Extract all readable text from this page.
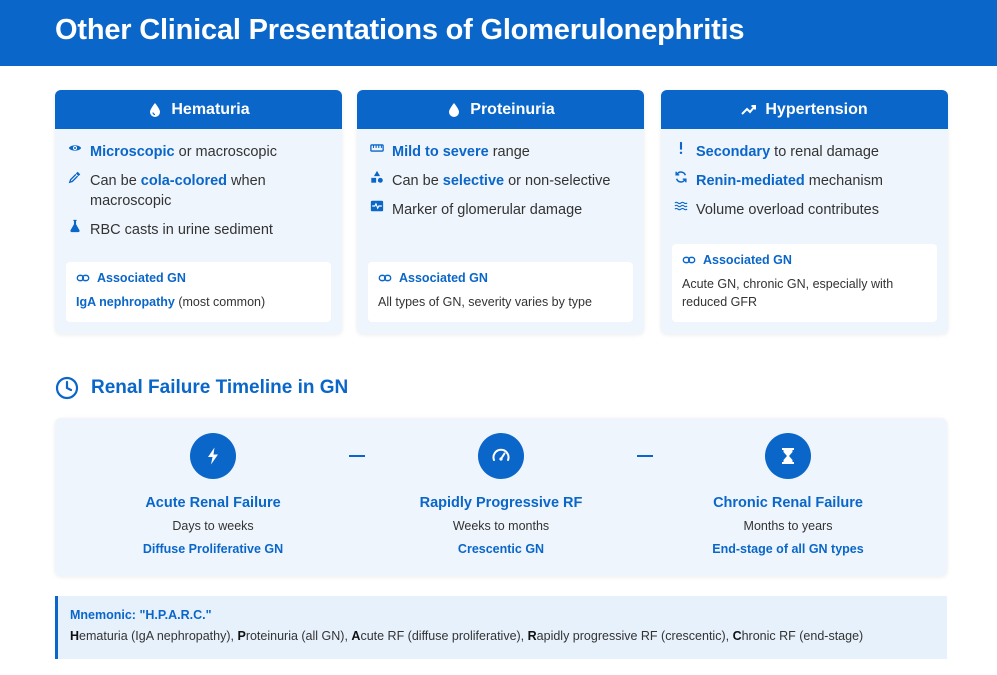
Other Clinical Presentations of Glomerulonephritis
Hematuria
Microscopic or macroscopic
Can be cola-colored when macroscopic
RBC casts in urine sediment
Associated GN
IgA nephropathy (most common)
Proteinuria
Mild to severe range
Can be selective or non-selective
Marker of glomerular damage
Associated GN
All types of GN, severity varies by type
Hypertension
Secondary to renal damage
Renin-mediated mechanism
Volume overload contributes
Associated GN
Acute GN, chronic GN, especially with reduced GFR
Renal Failure Timeline in GN
Acute Renal Failure
Days to weeks
Diffuse Proliferative GN
Rapidly Progressive RF
Weeks to months
Crescentic GN
Chronic Renal Failure
Months to years
End-stage of all GN types
Mnemonic: "H.P.A.R.C."
Hematuria (IgA nephropathy), Proteinuria (all GN), Acute RF (diffuse proliferative), Rapidly progressive RF (crescentic), Chronic RF (end-stage)
